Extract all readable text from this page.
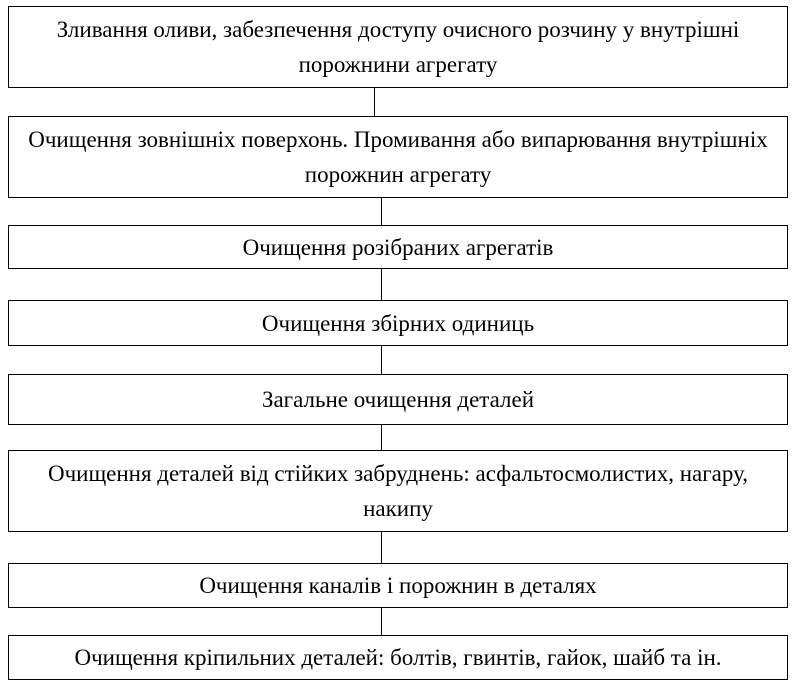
Зливання оливи, забезпечення доступу очисного розчину у внутрішні порожнини агрегату
Очищення зовнішніх поверхонь. Промивання або випарювання внутрішніх порожнин агрегату
Очищення розібраних агрегатів
Очищення збірних одиниць
Загальне очищення деталей
Очищення деталей від стійких забруднень: асфальтосмолистих, нагару, накипу
Очищення каналів і порожнин в деталях
Очищення кріпильних деталей: болтів, гвинтів, гайок, шайб та ін.
